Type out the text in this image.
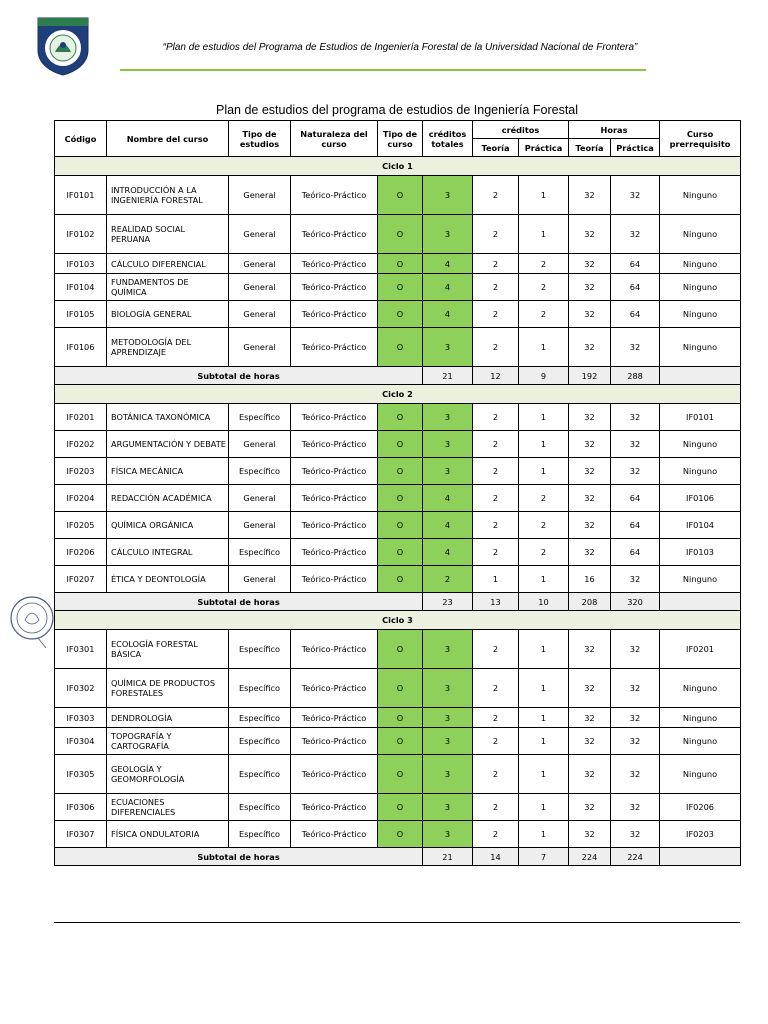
“Plan de estudios del Programa de Estudios de Ingeniería Forestal de la Universidad Nacional de Frontera”
Plan de estudios del programa de estudios de Ingeniería Forestal
Código	Nombre del curso	Tipo de estudios	Naturaleza del curso	Tipo de curso	créditos totales	créditos		Horas		Curso prerrequisito
						Teoría	Práctica	Teoría	Práctica	
Ciclo 1										
IF0101	INTRODUCCIÓN A LA INGENIERÍA FORESTAL	General	Teórico-Práctico	O	3	2	1	32	32	Ninguno
IF0102	REALIDAD SOCIAL PERUANA	General	Teórico-Práctico	O	3	2	1	32	32	Ninguno
IF0103	CÁLCULO DIFERENCIAL	General	Teórico-Práctico	O	4	2	2	32	64	Ninguno
IF0104	FUNDAMENTOS DE QUÍMICA	General	Teórico-Práctico	O	4	2	2	32	64	Ninguno
IF0105	BIOLOGÍA GENERAL	General	Teórico-Práctico	O	4	2	2	32	64	Ninguno
IF0106	METODOLOGÍA DEL APRENDIZAJE	General	Teórico-Práctico	O	3	2	1	32	32	Ninguno
Subtotal de horas					21	12	9	192	288	
Ciclo 2										
IF0201	BOTÁNICA TAXONÓMICA	Específico	Teórico-Práctico	O	3	2	1	32	32	IF0101
IF0202	ARGUMENTACIÓN Y DEBATE	General	Teórico-Práctico	O	3	2	1	32	32	Ninguno
IF0203	FÍSICA MECÁNICA	Específico	Teórico-Práctico	O	3	2	1	32	32	Ninguno
IF0204	REDACCIÓN ACADÉMICA	General	Teórico-Práctico	O	4	2	2	32	64	IF0106
IF0205	QUÍMICA ORGÁNICA	General	Teórico-Práctico	O	4	2	2	32	64	IF0104
IF0206	CÁLCULO INTEGRAL	Específico	Teórico-Práctico	O	4	2	2	32	64	IF0103
IF0207	ÉTICA Y DEONTOLOGÍA	General	Teórico-Práctico	O	2	1	1	16	32	Ninguno
Subtotal de horas					23	13	10	208	320	
Ciclo 3										
IF0301	ECOLOGÍA FORESTAL BÁSICA	Específico	Teórico-Práctico	O	3	2	1	32	32	IF0201
IF0302	QUÍMICA DE PRODUCTOS FORESTALES	Específico	Teórico-Práctico	O	3	2	1	32	32	Ninguno
IF0303	DENDROLOGÍA	Específico	Teórico-Práctico	O	3	2	1	32	32	Ninguno
IF0304	TOPOGRAFÍA Y CARTOGRAFÍA	Específico	Teórico-Práctico	O	3	2	1	32	32	Ninguno
IF0305	GEOLOGÍA Y GEOMORFOLOGÍA	Específico	Teórico-Práctico	O	3	2	1	32	32	Ninguno
IF0306	ECUACIONES DIFERENCIALES	Específico	Teórico-Práctico	O	3	2	1	32	32	IF0206
IF0307	FÍSICA ONDULATORIA	Específico	Teórico-Práctico	O	3	2	1	32	32	IF0203
Subtotal de horas					21	14	7	224	224	
